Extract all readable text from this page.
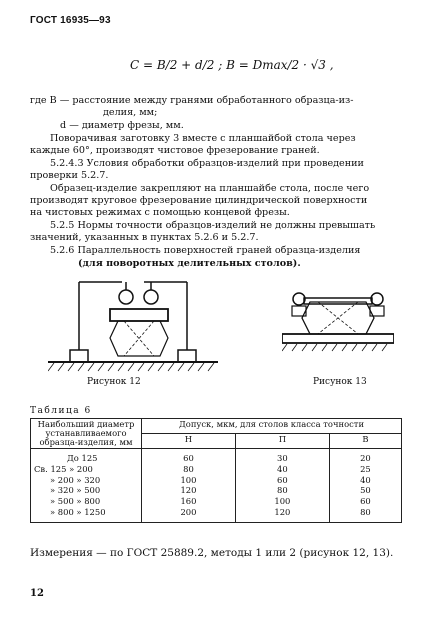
ГОСТ 16935—93
C = B/2 + d/2 ; B = Dmax/2 · √3 ,
где B — расстояние между гранями обработанного образца-из-
делия, мм;
d — диаметр фрезы, мм.
Поворачивая заготовку 3 вместе с планшайбой стола через
каждые 60°, производят чистовое фрезерование граней.
5.2.4.3 Условия обработки образцов-изделий при проведении
проверки 5.2.7.
Образец-изделие закрепляют на планшайбе стола, после чего
производят круговое фрезерование цилиндрической поверхности
на чистовых режимах с помощью концевой фрезы.
5.2.5 Нормы точности образцов-изделий не должны превышать
значений, указанных в пунктах 5.2.6 и 5.2.7.
5.2.6 Параллельность поверхностей граней образца-изделия
(для поворотных делительных столов).
Рисунок 12	Рисунок 13
Таблица 6
Наибольший диаметр устанавливаемого образца-изделия, мм	Допуск, мкм, для столов класса точности		
	Н	П	В
До 125	60	30	20
Св. 125 » 200	80	40	25
» 200 » 320	100	60	40
» 320 » 500	120	80	50
» 500 » 800	160	100	60
» 800 » 1250	200	120	80
Измерения — по ГОСТ 25889.2, методы 1 или 2 (рисунок 12, 13).
12
